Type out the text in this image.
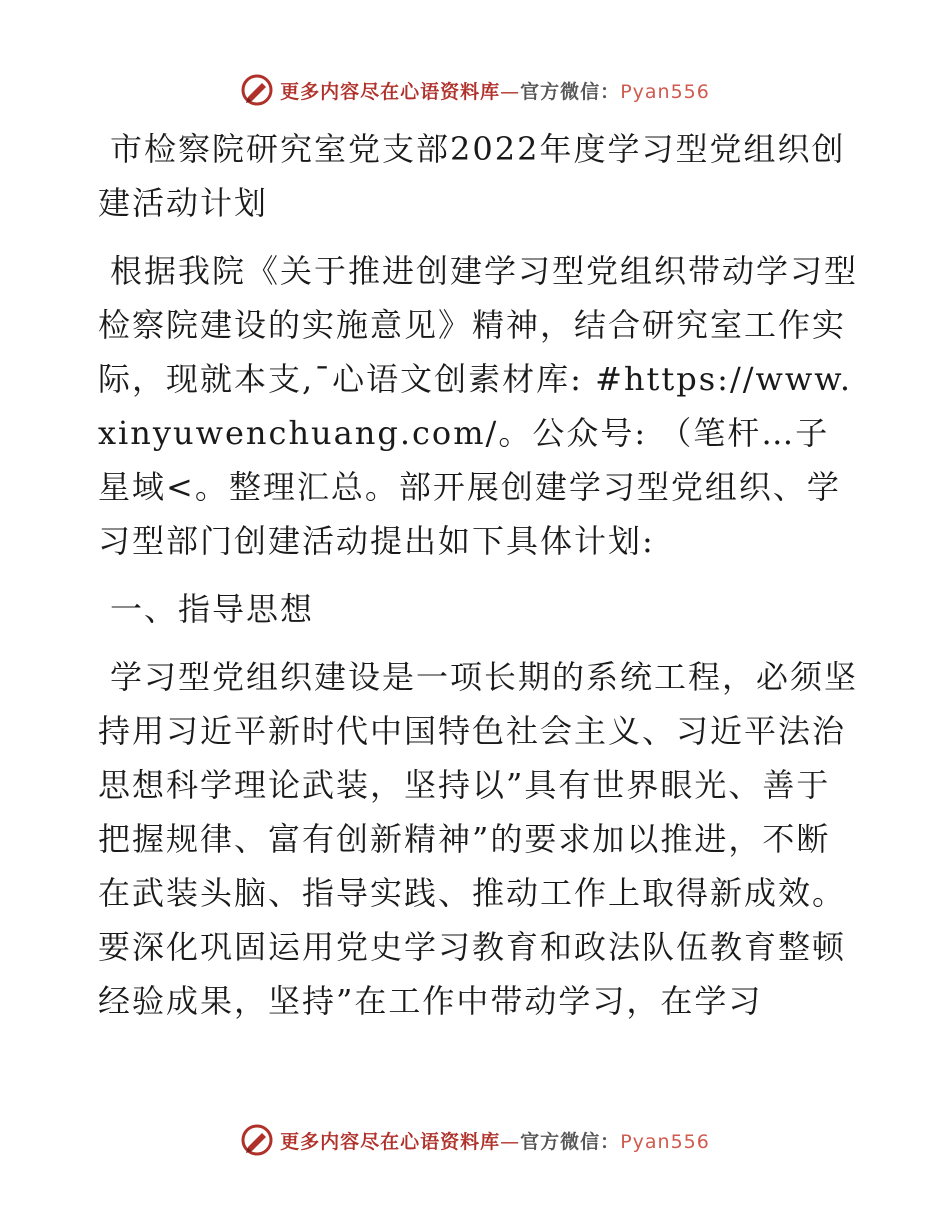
更多内容尽在心语资料库—官方微信：Pyan556

市检察院研究室党支部2022年度学习型党组织创建活动计划

根据我院《关于推进创建学习型党组织带动学习型检察院建设的实施意见》精神，结合研究室工作实际，现就本支,¯心语文创素材库: #https://www.xinyuwenchuang.com/。公众号: （笔杆…子星域<。整理汇总。部开展创建学习型党组织、学习型部门创建活动提出如下具体计划:

一、指导思想

学习型党组织建设是一项长期的系统工程，必须坚持用习近平新时代中国特色社会主义、习近平法治思想科学理论武装，坚持以”具有世界眼光、善于把握规律、富有创新精神”的要求加以推进，不断在武装头脑、指导实践、推动工作上取得新成效。要深化巩固运用党史学习教育和政法队伍教育整顿经验成果，坚持”在工作中带动学习，在学习

更多内容尽在心语资料库—官方微信：Pyan556
